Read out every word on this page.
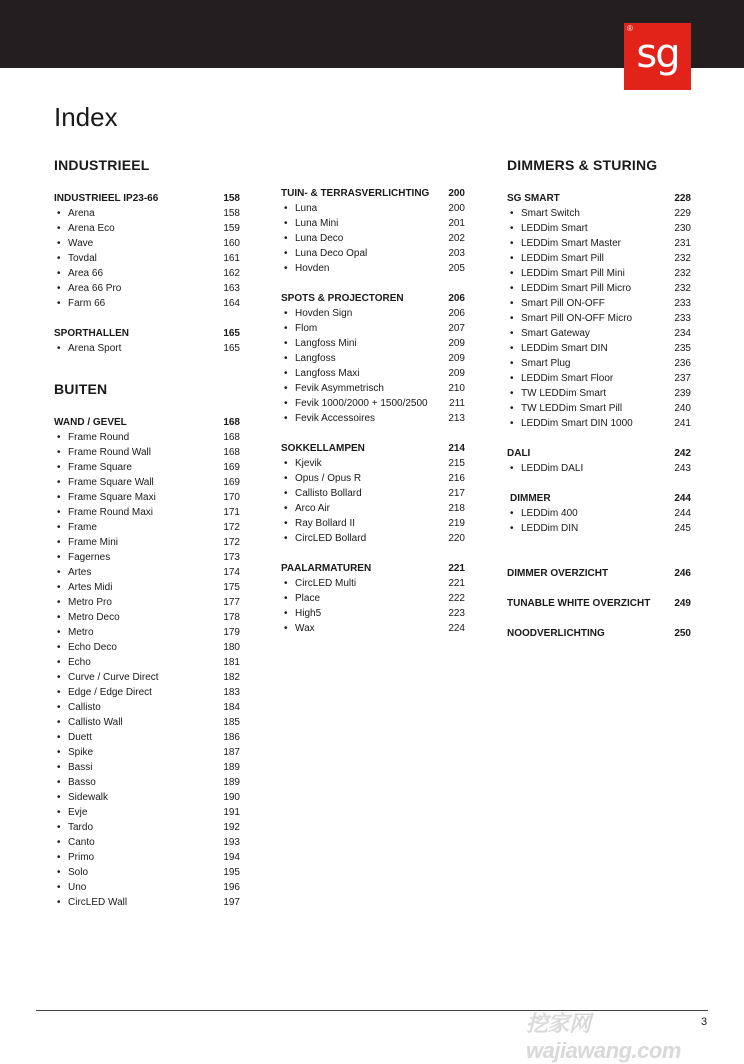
®
sg
Index
INDUSTRIEEL
INDUSTRIEEL IP23-66	158
• Arena	158
• Arena Eco	159
• Wave	160
• Tovdal	161
• Area 66	162
• Area 66 Pro	163
• Farm 66	164
SPORTHALLEN	165
• Arena Sport	165
BUITEN
WAND / GEVEL	168
• Frame Round	168
• Frame Round Wall	168
• Frame Square	169
• Frame Square Wall	169
• Frame Square Maxi	170
• Frame Round Maxi	171
• Frame	172
• Frame Mini	172
• Fagernes	173
• Artes	174
• Artes Midi	175
• Metro Pro	177
• Metro Deco	178
• Metro	179
• Echo Deco	180
• Echo	181
• Curve / Curve Direct	182
• Edge / Edge Direct	183
• Callisto	184
• Callisto Wall	185
• Duett	186
• Spike	187
• Bassi	189
• Basso	189
• Sidewalk	190
• Evje	191
• Tardo	192
• Canto	193
• Primo	194
• Solo	195
• Uno	196
• CircLED Wall	197
TUIN- & TERRASVERLICHTING 200
• Luna	200
• Luna Mini	201
• Luna Deco	202
• Luna Deco Opal	203
• Hovden	205
SPOTS & PROJECTOREN	206
• Hovden Sign	206
• Flom	207
• Langfoss Mini	209
• Langfoss	209
• Langfoss Maxi	209
• Fevik Asymmetrisch	210
• Fevik 1000/2000 + 1500/2500 211
• Fevik Accessoires	213
SOKKELLAMPEN	214
• Kjevik	215
• Opus / Opus R	216
• Callisto Bollard	217
• Arco Air	218
• Ray Bollard II	219
• CircLED Bollard	220
PAALARMATUREN	221
• CircLED Multi	221
• Place	222
• High5	223
• Wax	224
DIMMERS & STURING
SG SMART	228
• Smart Switch	229
• LEDDim Smart	230
• LEDDim Smart Master	231
• LEDDim Smart Pill	232
• LEDDim Smart Pill Mini	232
• LEDDim Smart Pill Micro	232
• Smart Pill ON-OFF	233
• Smart Pill ON-OFF Micro	233
• Smart Gateway	234
• LEDDim Smart DIN	235
• Smart Plug	236
• LEDDim Smart Floor	237
• TW LEDDim Smart	239
• TW LEDDim Smart Pill	240
• LEDDim Smart DIN 1000	241
DALI	242
• LEDDim DALI	243
DIMMER	244
• LEDDim 400	244
• LEDDim DIN	245
DIMMER OVERZICHT	246
TUNABLE WHITE OVERZICHT 249
NOODVERLICHTING	250
挖家网 wajiawang.com
3
